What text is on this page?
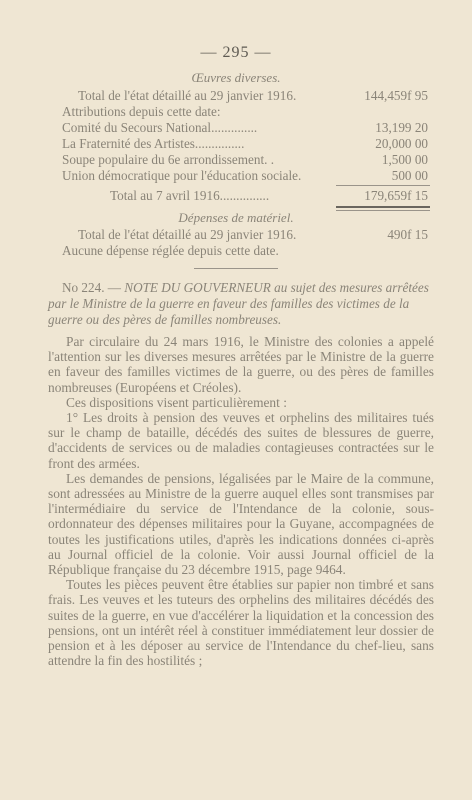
— 295 —
Œuvres diverses.
Total de l'état détaillé au 29 janvier 1916.	144,459f 95
Attributions depuis cette date:
Comité du Secours National..............	13,199 20
La Fraternité des Artistes...............	20,000 00
Soupe populaire du 6e arrondissement. .	1,500 00
Union démocratique pour l'éducation sociale.	500 00
Total au 7 avril 1916...............	179,659f 15
Dépenses de matériel.
Total de l'état détaillé au 29 janvier 1916.	490f 15
Aucune dépense réglée depuis cette date.
No 224. — NOTE DU GOUVERNEUR au sujet des mesures arrêtées par le Ministre de la guerre en faveur des familles des victimes de la guerre ou des pères de familles nombreuses.

Par circulaire du 24 mars 1916, le Ministre des colonies a appelé l'attention sur les diverses mesures arrêtées par le Ministre de la guerre en faveur des familles victimes de la guerre, ou des pères de familles nombreuses (Européens et Créoles).

Ces dispositions visent particulièrement :

1° Les droits à pension des veuves et orphelins des militaires tués sur le champ de bataille, décédés des suites de blessures de guerre, d'accidents de services ou de maladies contagieuses contractées sur le front des armées.

Les demandes de pensions, légalisées par le Maire de la commune, sont adressées au Ministre de la guerre auquel elles sont transmises par l'intermédiaire du service de l'Intendance de la colonie, sous-ordonnateur des dépenses militaires pour la Guyane, accompagnées de toutes les justifications utiles, d'après les indications données ci-après au Journal officiel de la colonie. Voir aussi Journal officiel de la République française du 23 décembre 1915, page 9464.

Toutes les pièces peuvent être établies sur papier non timbré et sans frais. Les veuves et les tuteurs des orphelins des militaires décédés des suites de la guerre, en vue d'accélérer la liquidation et la concession des pensions, ont un intérêt réel à constituer immédiatement leur dossier de pension et à les déposer au service de l'Intendance du chef-lieu, sans attendre la fin des hostilités ;
